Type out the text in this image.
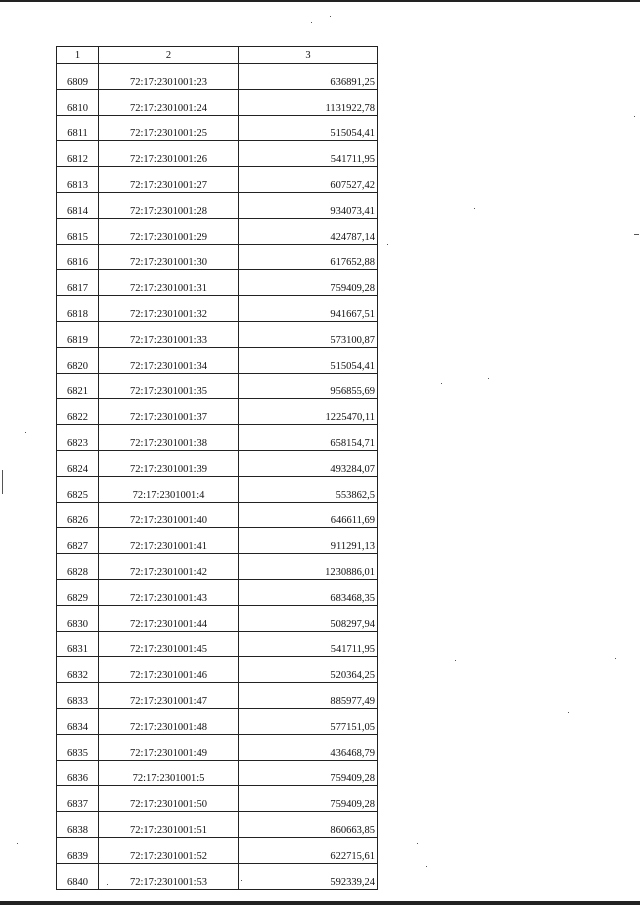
1	2	3
6809	72:17:2301001:23	636891,25
6810	72:17:2301001:24	1131922,78
6811	72:17:2301001:25	515054,41
6812	72:17:2301001:26	541711,95
6813	72:17:2301001:27	607527,42
6814	72:17:2301001:28	934073,41
6815	72:17:2301001:29	424787,14
6816	72:17:2301001:30	617652,88
6817	72:17:2301001:31	759409,28
6818	72:17:2301001:32	941667,51
6819	72:17:2301001:33	573100,87
6820	72:17:2301001:34	515054,41
6821	72:17:2301001:35	956855,69
6822	72:17:2301001:37	1225470,11
6823	72:17:2301001:38	658154,71
6824	72:17:2301001:39	493284,07
6825	72:17:2301001:4	553862,5
6826	72:17:2301001:40	646611,69
6827	72:17:2301001:41	911291,13
6828	72:17:2301001:42	1230886,01
6829	72:17:2301001:43	683468,35
6830	72:17:2301001:44	508297,94
6831	72:17:2301001:45	541711,95
6832	72:17:2301001:46	520364,25
6833	72:17:2301001:47	885977,49
6834	72:17:2301001:48	577151,05
6835	72:17:2301001:49	436468,79
6836	72:17:2301001:5	759409,28
6837	72:17:2301001:50	759409,28
6838	72:17:2301001:51	860663,85
6839	72:17:2301001:52	622715,61
6840	72:17:2301001:53	592339,24
